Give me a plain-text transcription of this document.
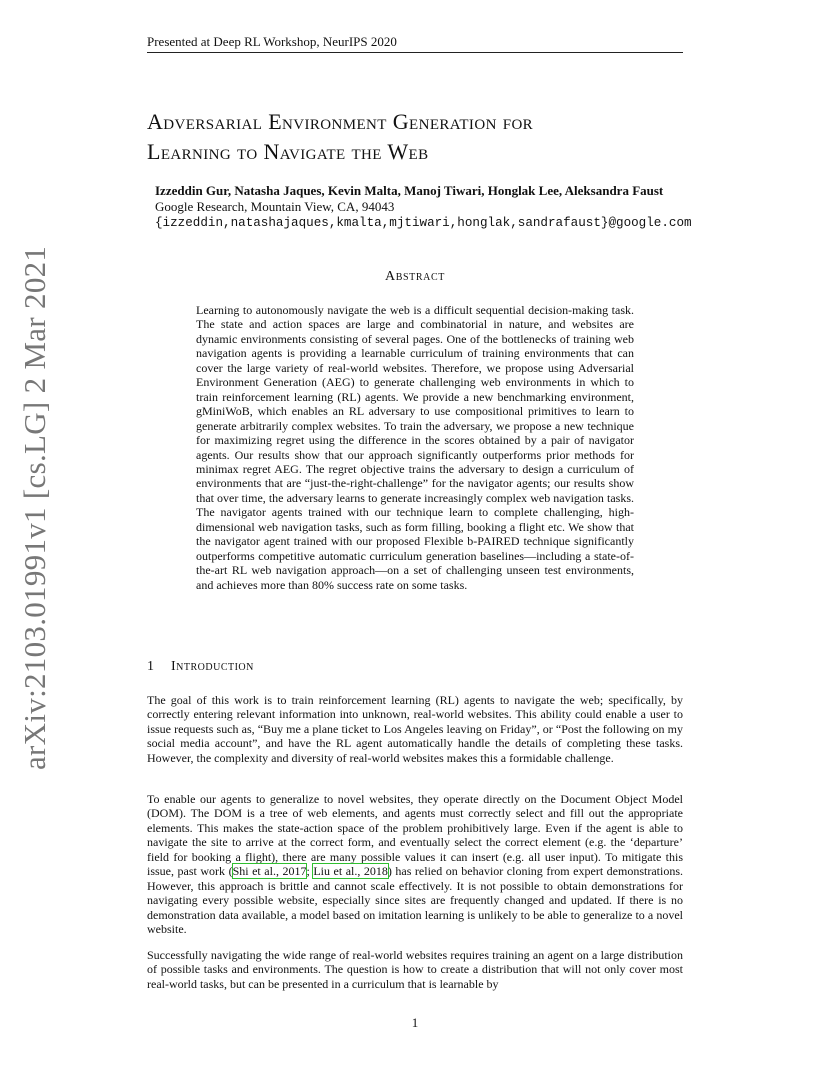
Presented at Deep RL Workshop, NeurIPS 2020
arXiv:2103.01991v1 [cs.LG] 2 Mar 2021
Adversarial Environment Generation for
Learning to Navigate the Web
Izzeddin Gur, Natasha Jaques, Kevin Malta, Manoj Tiwari, Honglak Lee, Aleksandra Faust
Google Research, Mountain View, CA, 94043
{izzeddin,natashajaques,kmalta,mjtiwari,honglak,sandrafaust}@google.com
Abstract
Learning to autonomously navigate the web is a difficult sequential decision-making task. The state and action spaces are large and combinatorial in nature, and websites are dynamic environments consisting of several pages. One of the bottlenecks of training web navigation agents is providing a learnable curriculum of training environments that can cover the large variety of real-world websites. Therefore, we propose using Adversarial Environment Generation (AEG) to generate challenging web environments in which to train reinforcement learning (RL) agents. We provide a new benchmarking environment, gMiniWoB, which enables an RL adversary to use compositional primitives to learn to generate arbitrarily complex websites. To train the adversary, we propose a new technique for maximizing regret using the difference in the scores obtained by a pair of navigator agents. Our results show that our approach significantly outperforms prior methods for minimax regret AEG. The regret objective trains the adversary to design a curriculum of environments that are “just-the-right-challenge” for the navigator agents; our results show that over time, the adversary learns to generate increasingly complex web navigation tasks. The navigator agents trained with our technique learn to complete challenging, high-dimensional web navigation tasks, such as form filling, booking a flight etc. We show that the navigator agent trained with our proposed Flexible b-PAIRED technique significantly outperforms competitive automatic curriculum generation baselines—including a state-of-the-art RL web navigation approach—on a set of challenging unseen test environments, and achieves more than 80% success rate on some tasks.
1 Introduction
The goal of this work is to train reinforcement learning (RL) agents to navigate the web; specifically, by correctly entering relevant information into unknown, real-world websites. This ability could enable a user to issue requests such as, “Buy me a plane ticket to Los Angeles leaving on Friday”, or “Post the following on my social media account”, and have the RL agent automatically handle the details of completing these tasks. However, the complexity and diversity of real-world websites makes this a formidable challenge.
To enable our agents to generalize to novel websites, they operate directly on the Document Object Model (DOM). The DOM is a tree of web elements, and agents must correctly select and fill out the appropriate elements. This makes the state-action space of the problem prohibitively large. Even if the agent is able to navigate the site to arrive at the correct form, and eventually select the correct element (e.g. the ‘departure’ field for booking a flight), there are many possible values it can insert (e.g. all user input). To mitigate this issue, past work (Shi et al., 2017; Liu et al., 2018) has relied on behavior cloning from expert demonstrations. However, this approach is brittle and cannot scale effectively. It is not possible to obtain demonstrations for navigating every possible website, especially since sites are frequently changed and updated. If there is no demonstration data available, a model based on imitation learning is unlikely to be able to generalize to a novel website.
Successfully navigating the wide range of real-world websites requires training an agent on a large distribution of possible tasks and environments. The question is how to create a distribution that will not only cover most real-world tasks, but can be presented in a curriculum that is learnable by
1
